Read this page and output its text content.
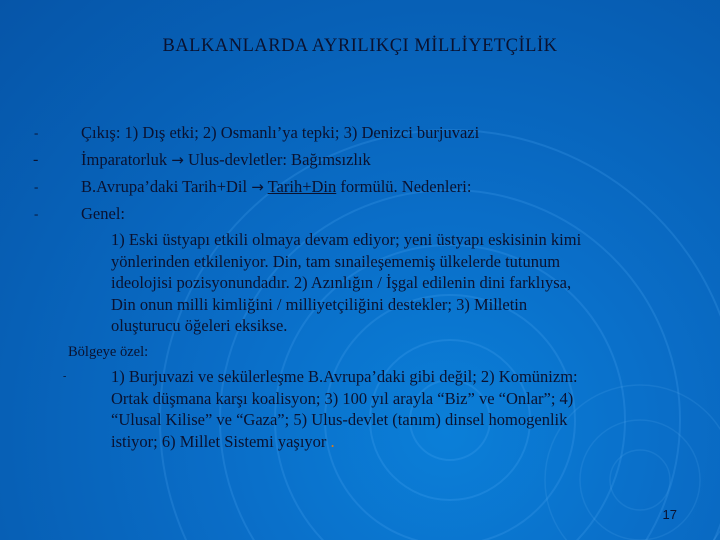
BALKANLARDA AYRILIKÇI MİLLİYETÇİLİK
-	Çıkış: 1) Dış etki; 2) Osmanlı’ya tepki; 3) Denizci burjuvazi
-	İmparatorluk → Ulus-devletler: Bağımsızlık
-	B.Avrupa’daki Tarih+Dil → Tarih+Din formülü. Nedenleri:
-	Genel:
1) Eski üstyapı etkili olmaya devam ediyor; yeni üstyapı eskisinin kimi
yönlerinden etkileniyor. Din, tam sınaileşememiş ülkelerde tutunum
ideolojisi pozisyonundadır. 2) Azınlığın / İşgal edilenin dini farklıysa,
Din onun milli kimliğini / milliyetçiliğini destekler; 3) Milletin
oluşturucu öğeleri eksikse.
Bölgeye özel:
-	1) Burjuvazi ve sekülerleşme B.Avrupa’daki gibi değil; 2) Komünizm:
Ortak düşmana karşı koalisyon; 3) 100 yıl arayla “Biz” ve “Onlar”; 4)
“Ulusal Kilise” ve “Gaza”; 5) Ulus-devlet (tanım) dinsel homogenlik
istiyor; 6) Millet Sistemi yaşıyor .
17
